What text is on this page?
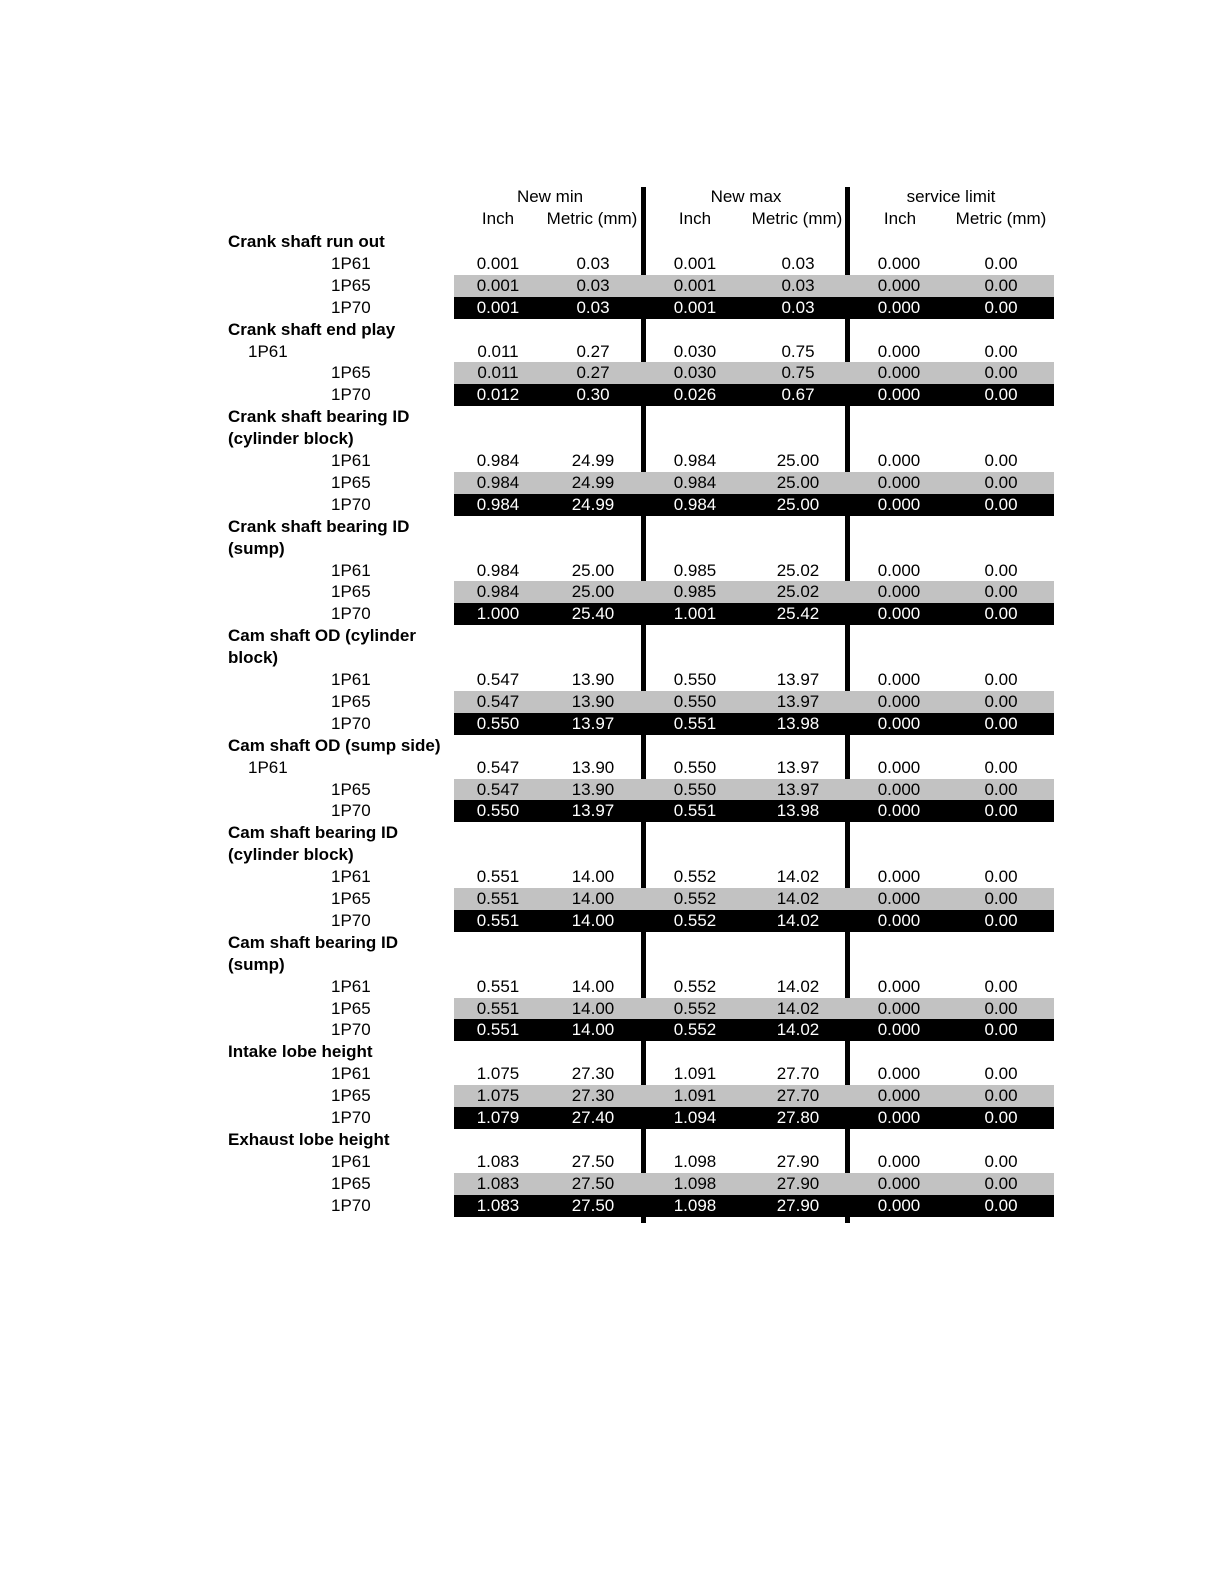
New min	New max	service limit
Inch	Metric (mm)	Inch	Metric (mm)	Inch	Metric (mm)
Crank shaft run out
1P61	0.001	0.03	0.001	0.03	0.000	0.00
1P65	0.001	0.03	0.001	0.03	0.000	0.00
1P70	0.001	0.03	0.001	0.03	0.000	0.00
Crank shaft end play
1P61	0.011	0.27	0.030	0.75	0.000	0.00
1P65	0.011	0.27	0.030	0.75	0.000	0.00
1P70	0.012	0.30	0.026	0.67	0.000	0.00
Crank shaft bearing ID
(cylinder block)
1P61	0.984	24.99	0.984	25.00	0.000	0.00
1P65	0.984	24.99	0.984	25.00	0.000	0.00
1P70	0.984	24.99	0.984	25.00	0.000	0.00
Crank shaft bearing ID
(sump)
1P61	0.984	25.00	0.985	25.02	0.000	0.00
1P65	0.984	25.00	0.985	25.02	0.000	0.00
1P70	1.000	25.40	1.001	25.42	0.000	0.00
Cam shaft OD (cylinder
block)
1P61	0.547	13.90	0.550	13.97	0.000	0.00
1P65	0.547	13.90	0.550	13.97	0.000	0.00
1P70	0.550	13.97	0.551	13.98	0.000	0.00
Cam shaft OD (sump side)
1P61	0.547	13.90	0.550	13.97	0.000	0.00
1P65	0.547	13.90	0.550	13.97	0.000	0.00
1P70	0.550	13.97	0.551	13.98	0.000	0.00
Cam shaft bearing ID
(cylinder block)
1P61	0.551	14.00	0.552	14.02	0.000	0.00
1P65	0.551	14.00	0.552	14.02	0.000	0.00
1P70	0.551	14.00	0.552	14.02	0.000	0.00
Cam shaft bearing ID
(sump)
1P61	0.551	14.00	0.552	14.02	0.000	0.00
1P65	0.551	14.00	0.552	14.02	0.000	0.00
1P70	0.551	14.00	0.552	14.02	0.000	0.00
Intake lobe height
1P61	1.075	27.30	1.091	27.70	0.000	0.00
1P65	1.075	27.30	1.091	27.70	0.000	0.00
1P70	1.079	27.40	1.094	27.80	0.000	0.00
Exhaust lobe height
1P61	1.083	27.50	1.098	27.90	0.000	0.00
1P65	1.083	27.50	1.098	27.90	0.000	0.00
1P70	1.083	27.50	1.098	27.90	0.000	0.00
